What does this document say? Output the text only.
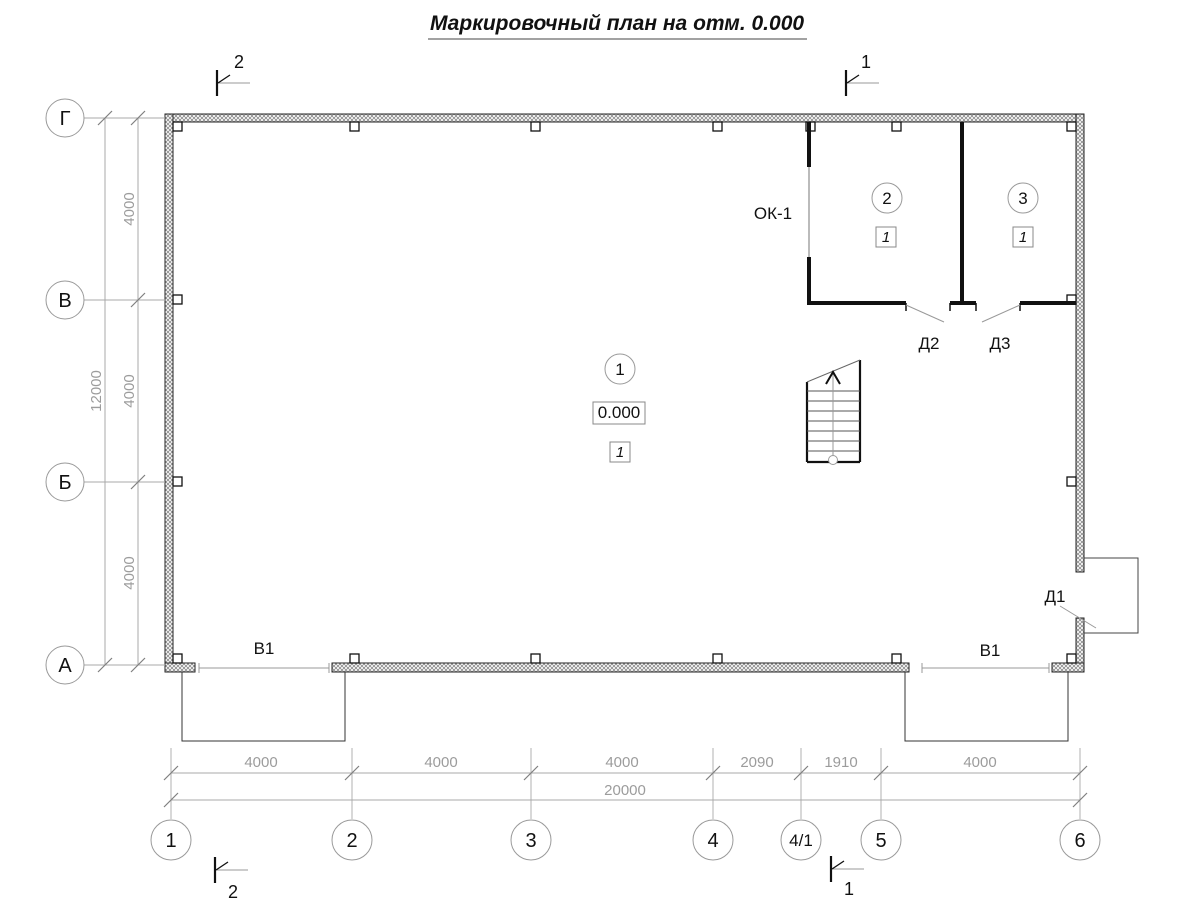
Маркировочный план на отм. 0.000
ОК-1
Д2	Д3
Д1
В1	В1
1
0.000
1
2
1
3
1
Г
В
Б
А
4000
4000
4000
12000
4000	4000	4000	2090	1910	4000
20000
1	2	3	4	4/1	5	6
2	1
2	1
